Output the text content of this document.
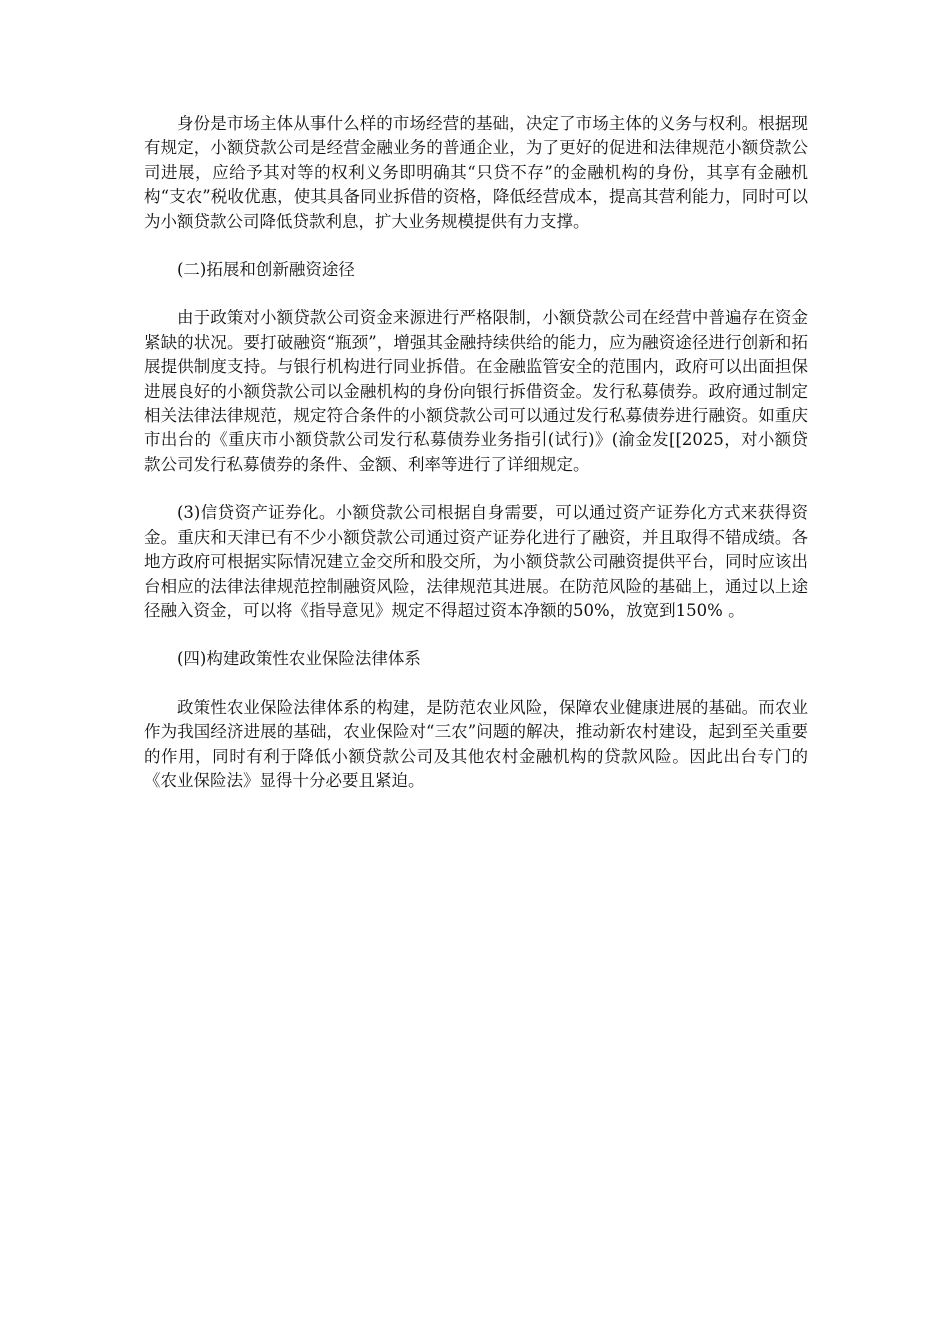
身份是市场主体从事什么样的市场经营的基础，决定了市场主体的义务与权利。根据现有规定，小额贷款公司是经营金融业务的普通企业，为了更好的促进和法律规范小额贷款公司进展，应给予其对等的权利义务即明确其“只贷不存”的金融机构的身份，其享有金融机构“支农”税收优惠，使其具备同业拆借的资格，降低经营成本，提高其营利能力，同时可以为小额贷款公司降低贷款利息，扩大业务规模提供有力支撑。

(二)拓展和创新融资途径

由于政策对小额贷款公司资金来源进行严格限制，小额贷款公司在经营中普遍存在资金紧缺的状况。要打破融资“瓶颈”，增强其金融持续供给的能力，应为融资途径进行创新和拓展提供制度支持。与银行机构进行同业拆借。在金融监管安全的范围内，政府可以出面担保进展良好的小额贷款公司以金融机构的身份向银行拆借资金。发行私募债券。政府通过制定相关法律法律规范，规定符合条件的小额贷款公司可以通过发行私募债券进行融资。如重庆市出台的《重庆市小额贷款公司发行私募债券业务指引(试行)》(渝金发[[2025，对小额贷款公司发行私募债券的条件、金额、利率等进行了详细规定。

(3)信贷资产证券化。小额贷款公司根据自身需要，可以通过资产证券化方式来获得资金。重庆和天津已有不少小额贷款公司通过资产证券化进行了融资，并且取得不错成绩。各地方政府可根据实际情况建立金交所和股交所，为小额贷款公司融资提供平台，同时应该出台相应的法律法律规范控制融资风险，法律规范其进展。在防范风险的基础上，通过以上途径融入资金，可以将《指导意见》规定不得超过资本净额的50%，放宽到150% 。

(四)构建政策性农业保险法律体系

政策性农业保险法律体系的构建，是防范农业风险，保障农业健康进展的基础。而农业作为我国经济进展的基础，农业保险对“三农”问题的解决，推动新农村建设，起到至关重要的作用，同时有利于降低小额贷款公司及其他农村金融机构的贷款风险。因此出台专门的《农业保险法》显得十分必要且紧迫。
